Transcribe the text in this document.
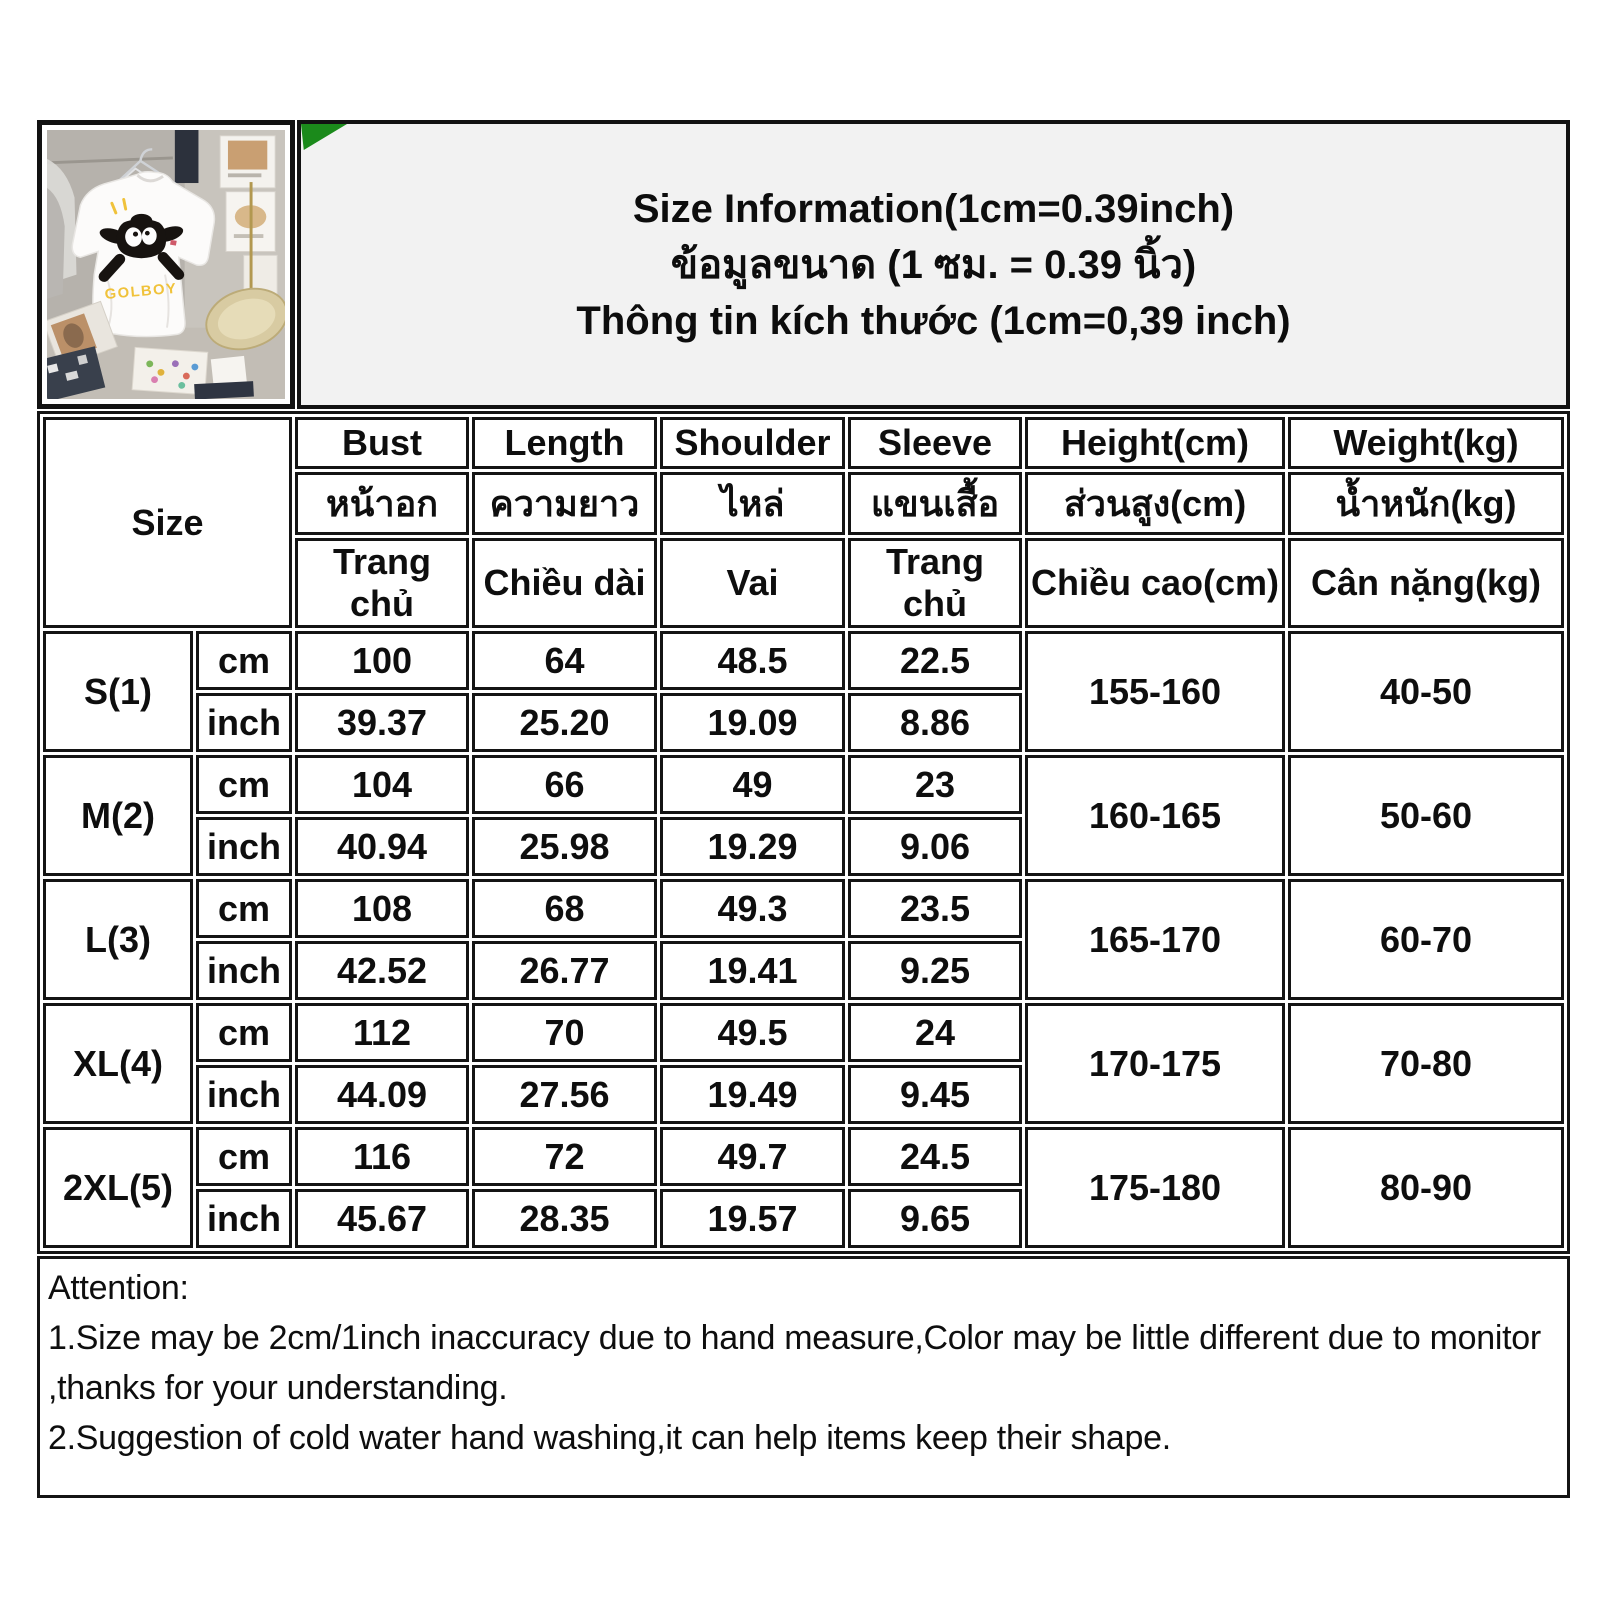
GOLBOY
Size Information(1cm=0.39inch)
ข้อมูลขนาด (1 ซม. = 0.39 นิ้ว)
Thông tin kích thước (1cm=0,39 inch)
Size		Bust	Length	Shoulder	Sleeve	Height(cm)	Weight(kg)
		หน้าอก	ความยาว	ไหล่	แขนเสื้อ	ส่วนสูง(cm)	น้ำหนัก(kg)
		Trang chủ	Chiều dài	Vai	Trang chủ	Chiều cao(cm)	Cân nặng(kg)
S(1)	cm	100	64	48.5	22.5	155-160	40-50
	inch	39.37	25.20	19.09	8.86		
M(2)	cm	104	66	49	23	160-165	50-60
	inch	40.94	25.98	19.29	9.06		
L(3)	cm	108	68	49.3	23.5	165-170	60-70
	inch	42.52	26.77	19.41	9.25		
XL(4)	cm	112	70	49.5	24	170-175	70-80
	inch	44.09	27.56	19.49	9.45		
2XL(5)	cm	116	72	49.7	24.5	175-180	80-90
	inch	45.67	28.35	19.57	9.65		
Attention:
1.Size may be 2cm/1inch inaccuracy due to hand measure,Color may be little different due to monitor
,thanks for your understanding.
2.Suggestion of cold water hand washing,it can help items keep their shape.
